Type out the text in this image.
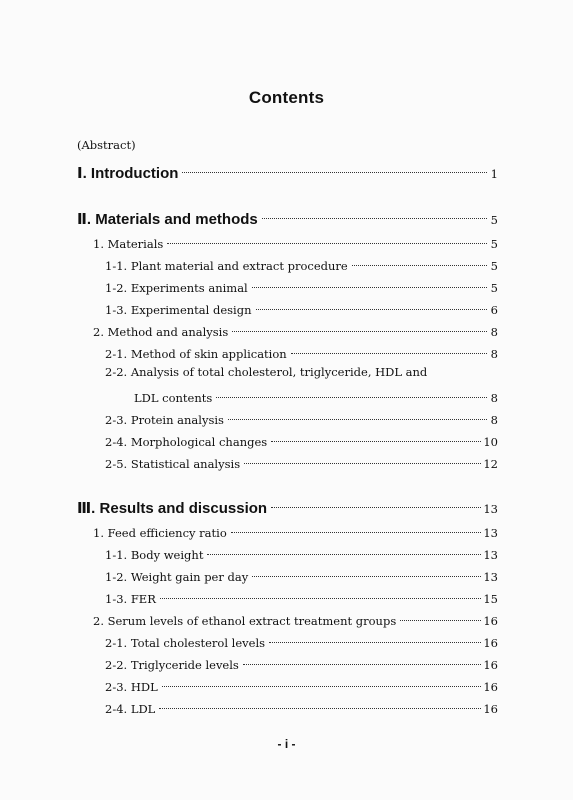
Contents
(Abstract)
Ⅰ. Introduction	1
Ⅱ. Materials and methods	5
1. Materials	5
1-1. Plant material and extract procedure	5
1-2. Experiments animal	5
1-3. Experimental design	6
2. Method and analysis	8
2-1. Method of skin application	8
2-2. Analysis of total cholesterol, triglyceride, HDL and
LDL contents	8
2-3. Protein analysis	8
2-4. Morphological changes	10
2-5. Statistical analysis	12
Ⅲ. Results and discussion	13
1. Feed efficiency ratio	13
1-1. Body weight	13
1-2. Weight gain per day	13
1-3. FER	15
2. Serum levels of ethanol extract treatment groups	16
2-1. Total cholesterol levels	16
2-2. Triglyceride levels	16
2-3. HDL	16
2-4. LDL	16
- i -
